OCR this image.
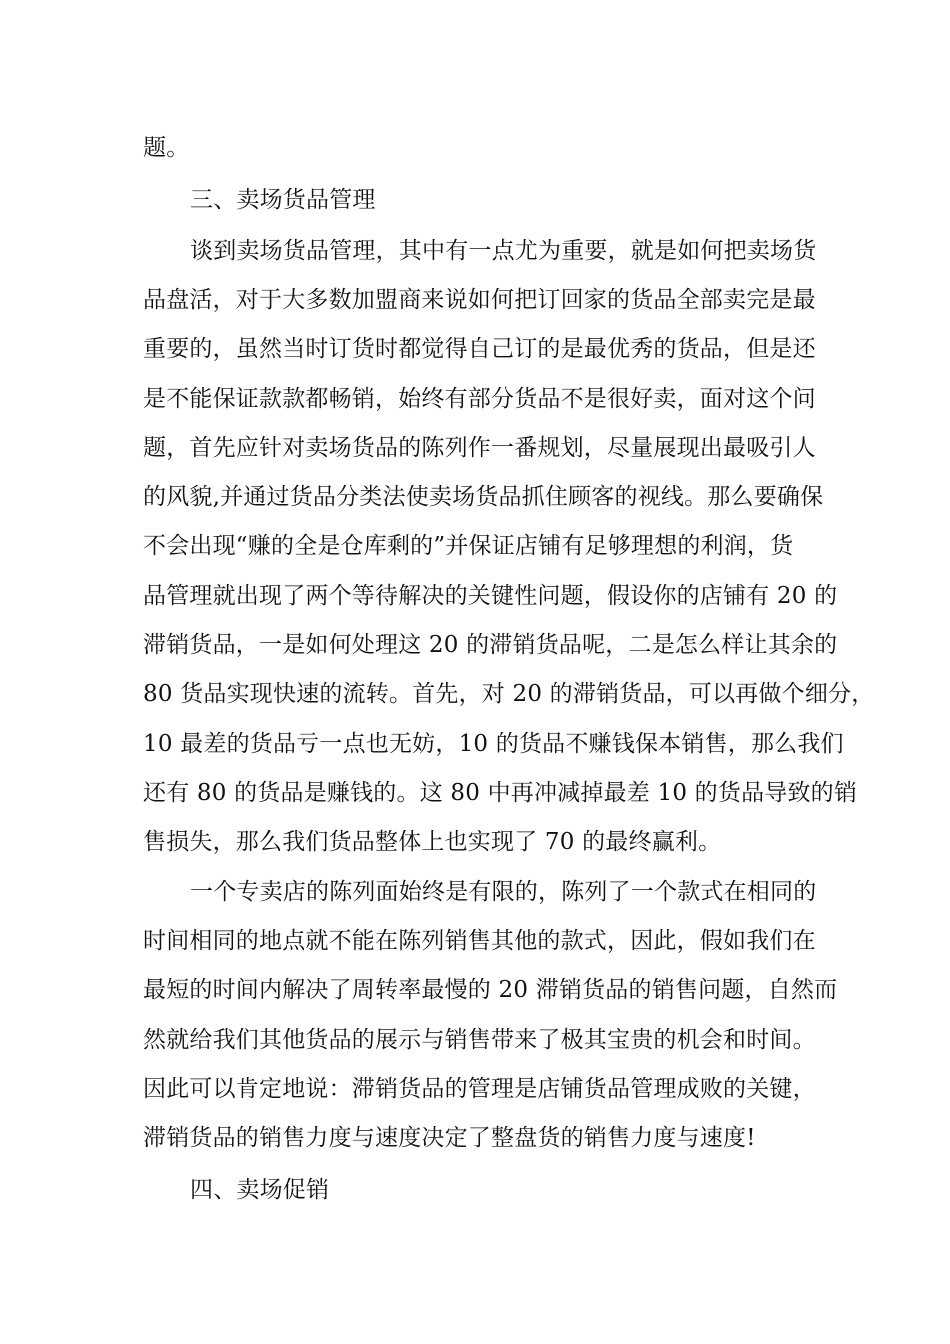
题。
三、卖场货品管理
谈到卖场货品管理，其中有一点尤为重要，就是如何把卖场货
品盘活，对于大多数加盟商来说如何把订回家的货品全部卖完是最
重要的，虽然当时订货时都觉得自己订的是最优秀的货品，但是还
是不能保证款款都畅销，始终有部分货品不是很好卖，面对这个问
题，首先应针对卖场货品的陈列作一番规划，尽量展现出最吸引人
的风貌,并通过货品分类法使卖场货品抓住顾客的视线。那么要确保
不会出现“赚的全是仓库剩的”并保证店铺有足够理想的利润，货
品管理就出现了两个等待解决的关键性问题，假设你的店铺有 20 的
滞销货品，一是如何处理这 20 的滞销货品呢，二是怎么样让其余的
80 货品实现快速的流转。首先，对 20 的滞销货品，可以再做个细分，
10 最差的货品亏一点也无妨，10 的货品不赚钱保本销售，那么我们
还有 80 的货品是赚钱的。这 80 中再冲减掉最差 10 的货品导致的销
售损失，那么我们货品整体上也实现了 70 的最终赢利。
一个专卖店的陈列面始终是有限的，陈列了一个款式在相同的
时间相同的地点就不能在陈列销售其他的款式，因此，假如我们在
最短的时间内解决了周转率最慢的 20 滞销货品的销售问题，自然而
然就给我们其他货品的展示与销售带来了极其宝贵的机会和时间。
因此可以肯定地说：滞销货品的管理是店铺货品管理成败的关键，
滞销货品的销售力度与速度决定了整盘货的销售力度与速度!
四、卖场促销
